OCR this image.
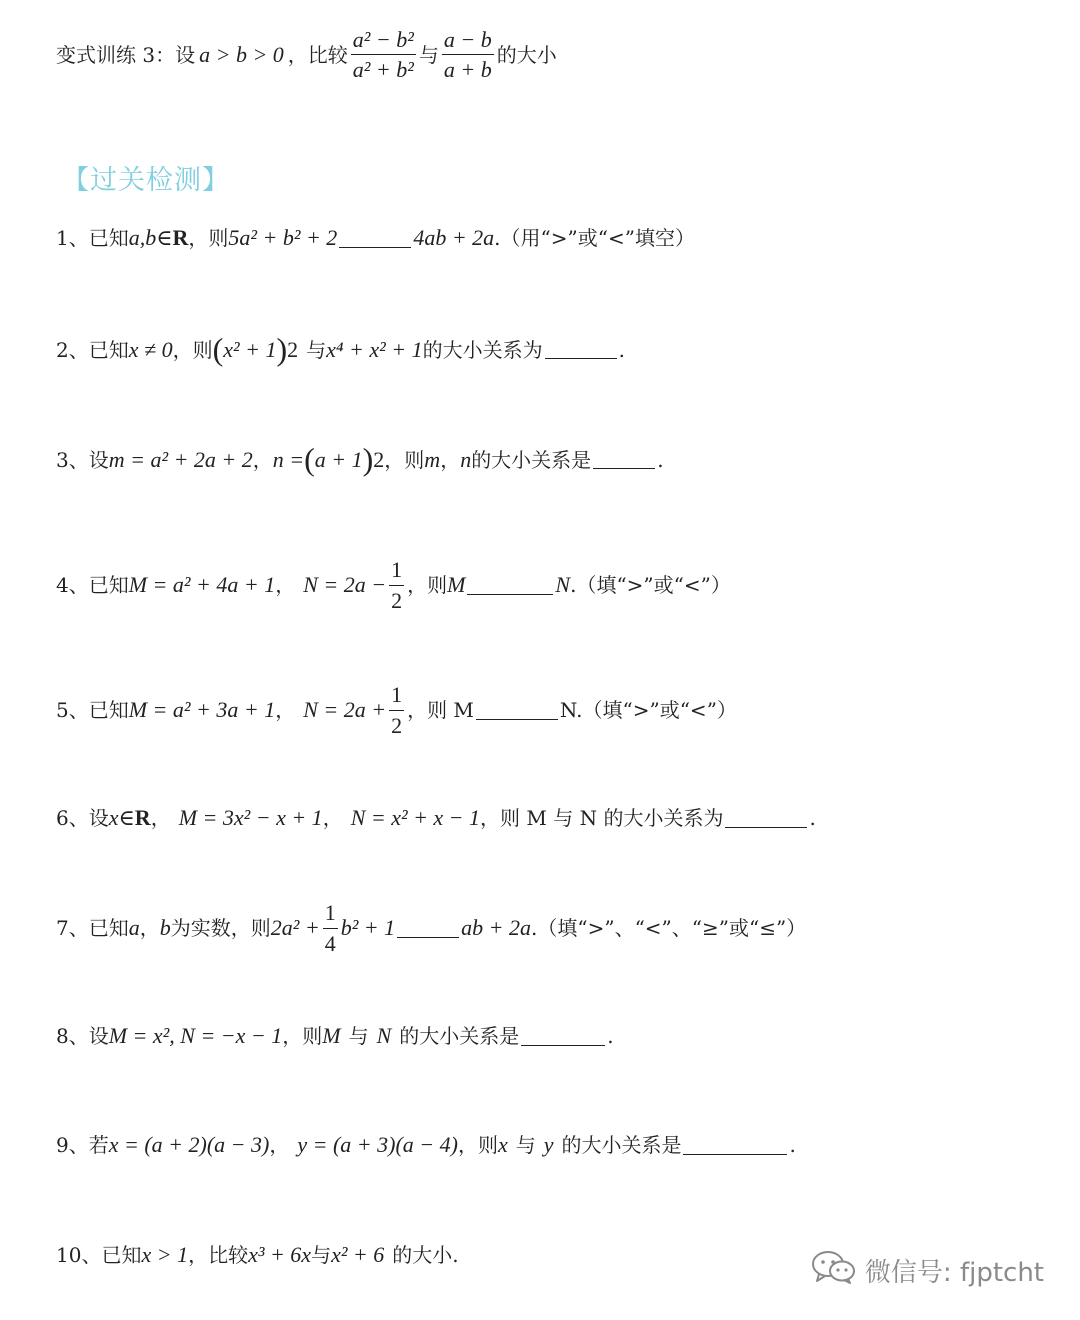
变式训练 3：设 a > b > 0 ，比较 $\frac{\text{a² − b²}}{\text{a² + b²}}$ 与 $\frac{a - b}{a + b}$ 的大小
【过关检测】
1、 已知 a,b∈ R ，则 5a² + b² + 2	4ab + 2a .（用“>”或“<”填空）
2、 已知 x ≠ 0 ，则 ( x² + 1 ) 2 与 x⁴ + x² + 1 的大小关系为	.
3、 设 m = a² + 2a + 2 ， n = ( a + 1 ) 2 ，则 m ， n 的大小关系是	.
4、 已知 M = a² + 4a + 1 ， $N = 2a - \frac{1}{2}$ ，则 M	N .（填“>”或“<”）
5、 已知 M = a² + 3a + 1 ， $N = 2a + \frac{1}{2}$ ，则 M	N.（填“>”或“<”）
6、 设 x∈ R ， M = 3x² − x + 1 ， N = x² + x − 1 ，则 M 与 N 的大小关系为	.
7、 已知 a ， b 为实数，则 $2a^2 + \frac{1}{4} b^2 + 1$	ab + 2a .（填“>”、“<”、“≥”或“≤”）
8、 设 M = x², N = −x − 1 ，则 M 与 N 的大小关系是	.
9、 若 x = (a + 2)(a − 3) ， y = (a + 3)(a − 4) ，则 x 与 y 的大小关系是	.
10、 已知 x > 1 ，比较 x³ + 6x 与 x² + 6 的大小.
微信号: fjptcht
